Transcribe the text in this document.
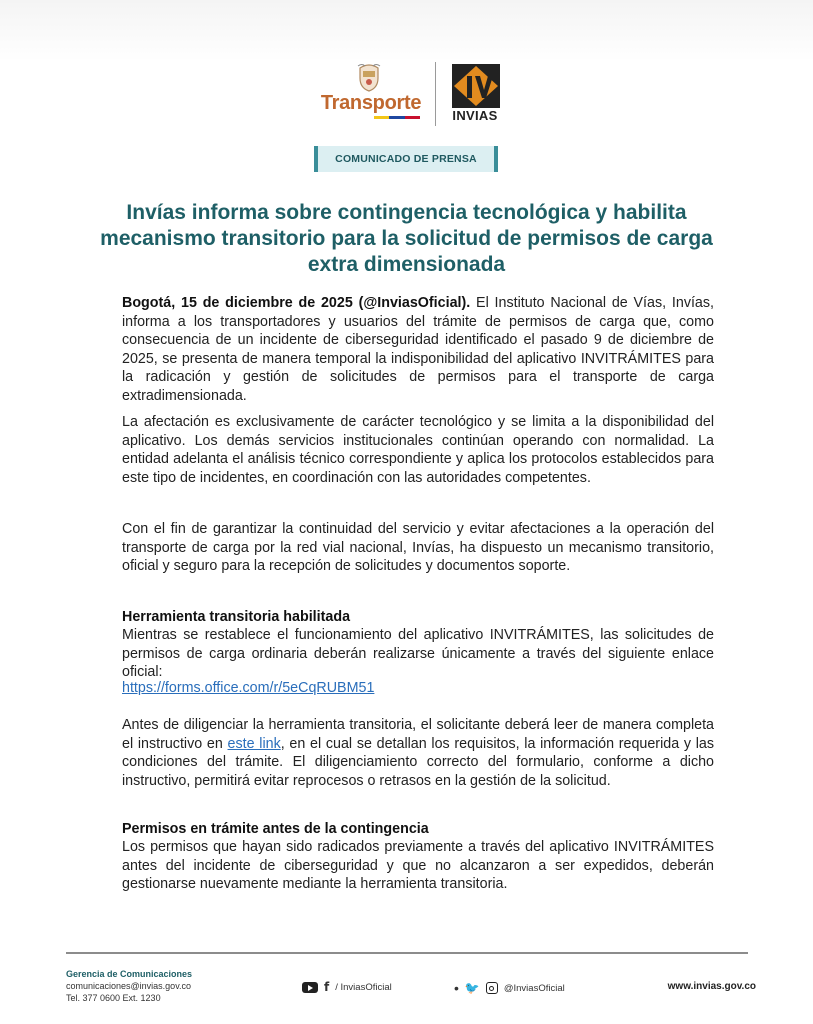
Transporte
INVIAS
COMUNICADO DE PRENSA
Invías informa sobre contingencia tecnológica y habilita mecanismo transitorio para la solicitud de permisos de carga extra dimensionada
Bogotá, 15 de diciembre de 2025 (@InviasOficial). El Instituto Nacional de Vías, Invías, informa a los transportadores y usuarios del trámite de permisos de carga que, como consecuencia de un incidente de ciberseguridad identificado el pasado 9 de diciembre de 2025, se presenta de manera temporal la indisponibilidad del aplicativo INVITRÁMITES para la radicación y gestión de solicitudes de permisos para el transporte de carga extradimensionada.
La afectación es exclusivamente de carácter tecnológico y se limita a la disponibilidad del aplicativo. Los demás servicios institucionales continúan operando con normalidad. La entidad adelanta el análisis técnico correspondiente y aplica los protocolos establecidos para este tipo de incidentes, en coordinación con las autoridades competentes.
Con el fin de garantizar la continuidad del servicio y evitar afectaciones a la operación del transporte de carga por la red vial nacional, Invías, ha dispuesto un mecanismo transitorio, oficial y seguro para la recepción de solicitudes y documentos soporte.
Herramienta transitoria habilitada
Mientras se restablece el funcionamiento del aplicativo INVITRÁMITES, las solicitudes de permisos de carga ordinaria deberán realizarse únicamente a través del siguiente enlace oficial:
https://forms.office.com/r/5eCqRUBM51
Antes de diligenciar la herramienta transitoria, el solicitante deberá leer de manera completa el instructivo en este link, en el cual se detallan los requisitos, la información requerida y las condiciones del trámite. El diligenciamiento correcto del formulario, conforme a dicho instructivo, permitirá evitar reprocesos o retrasos en la gestión de la solicitud.
Permisos en trámite antes de la contingencia
Los permisos que hayan sido radicados previamente a través del aplicativo INVITRÁMITES antes del incidente de ciberseguridad y que no alcanzaron a ser expedidos, deberán gestionarse nuevamente mediante la herramienta transitoria.
Gerencia de Comunicaciones
comunicaciones@invias.gov.co
Tel. 377 0600 Ext. 1230
f / InviasOficial	• 🐦	@InviasOficial	www.invias.gov.co
